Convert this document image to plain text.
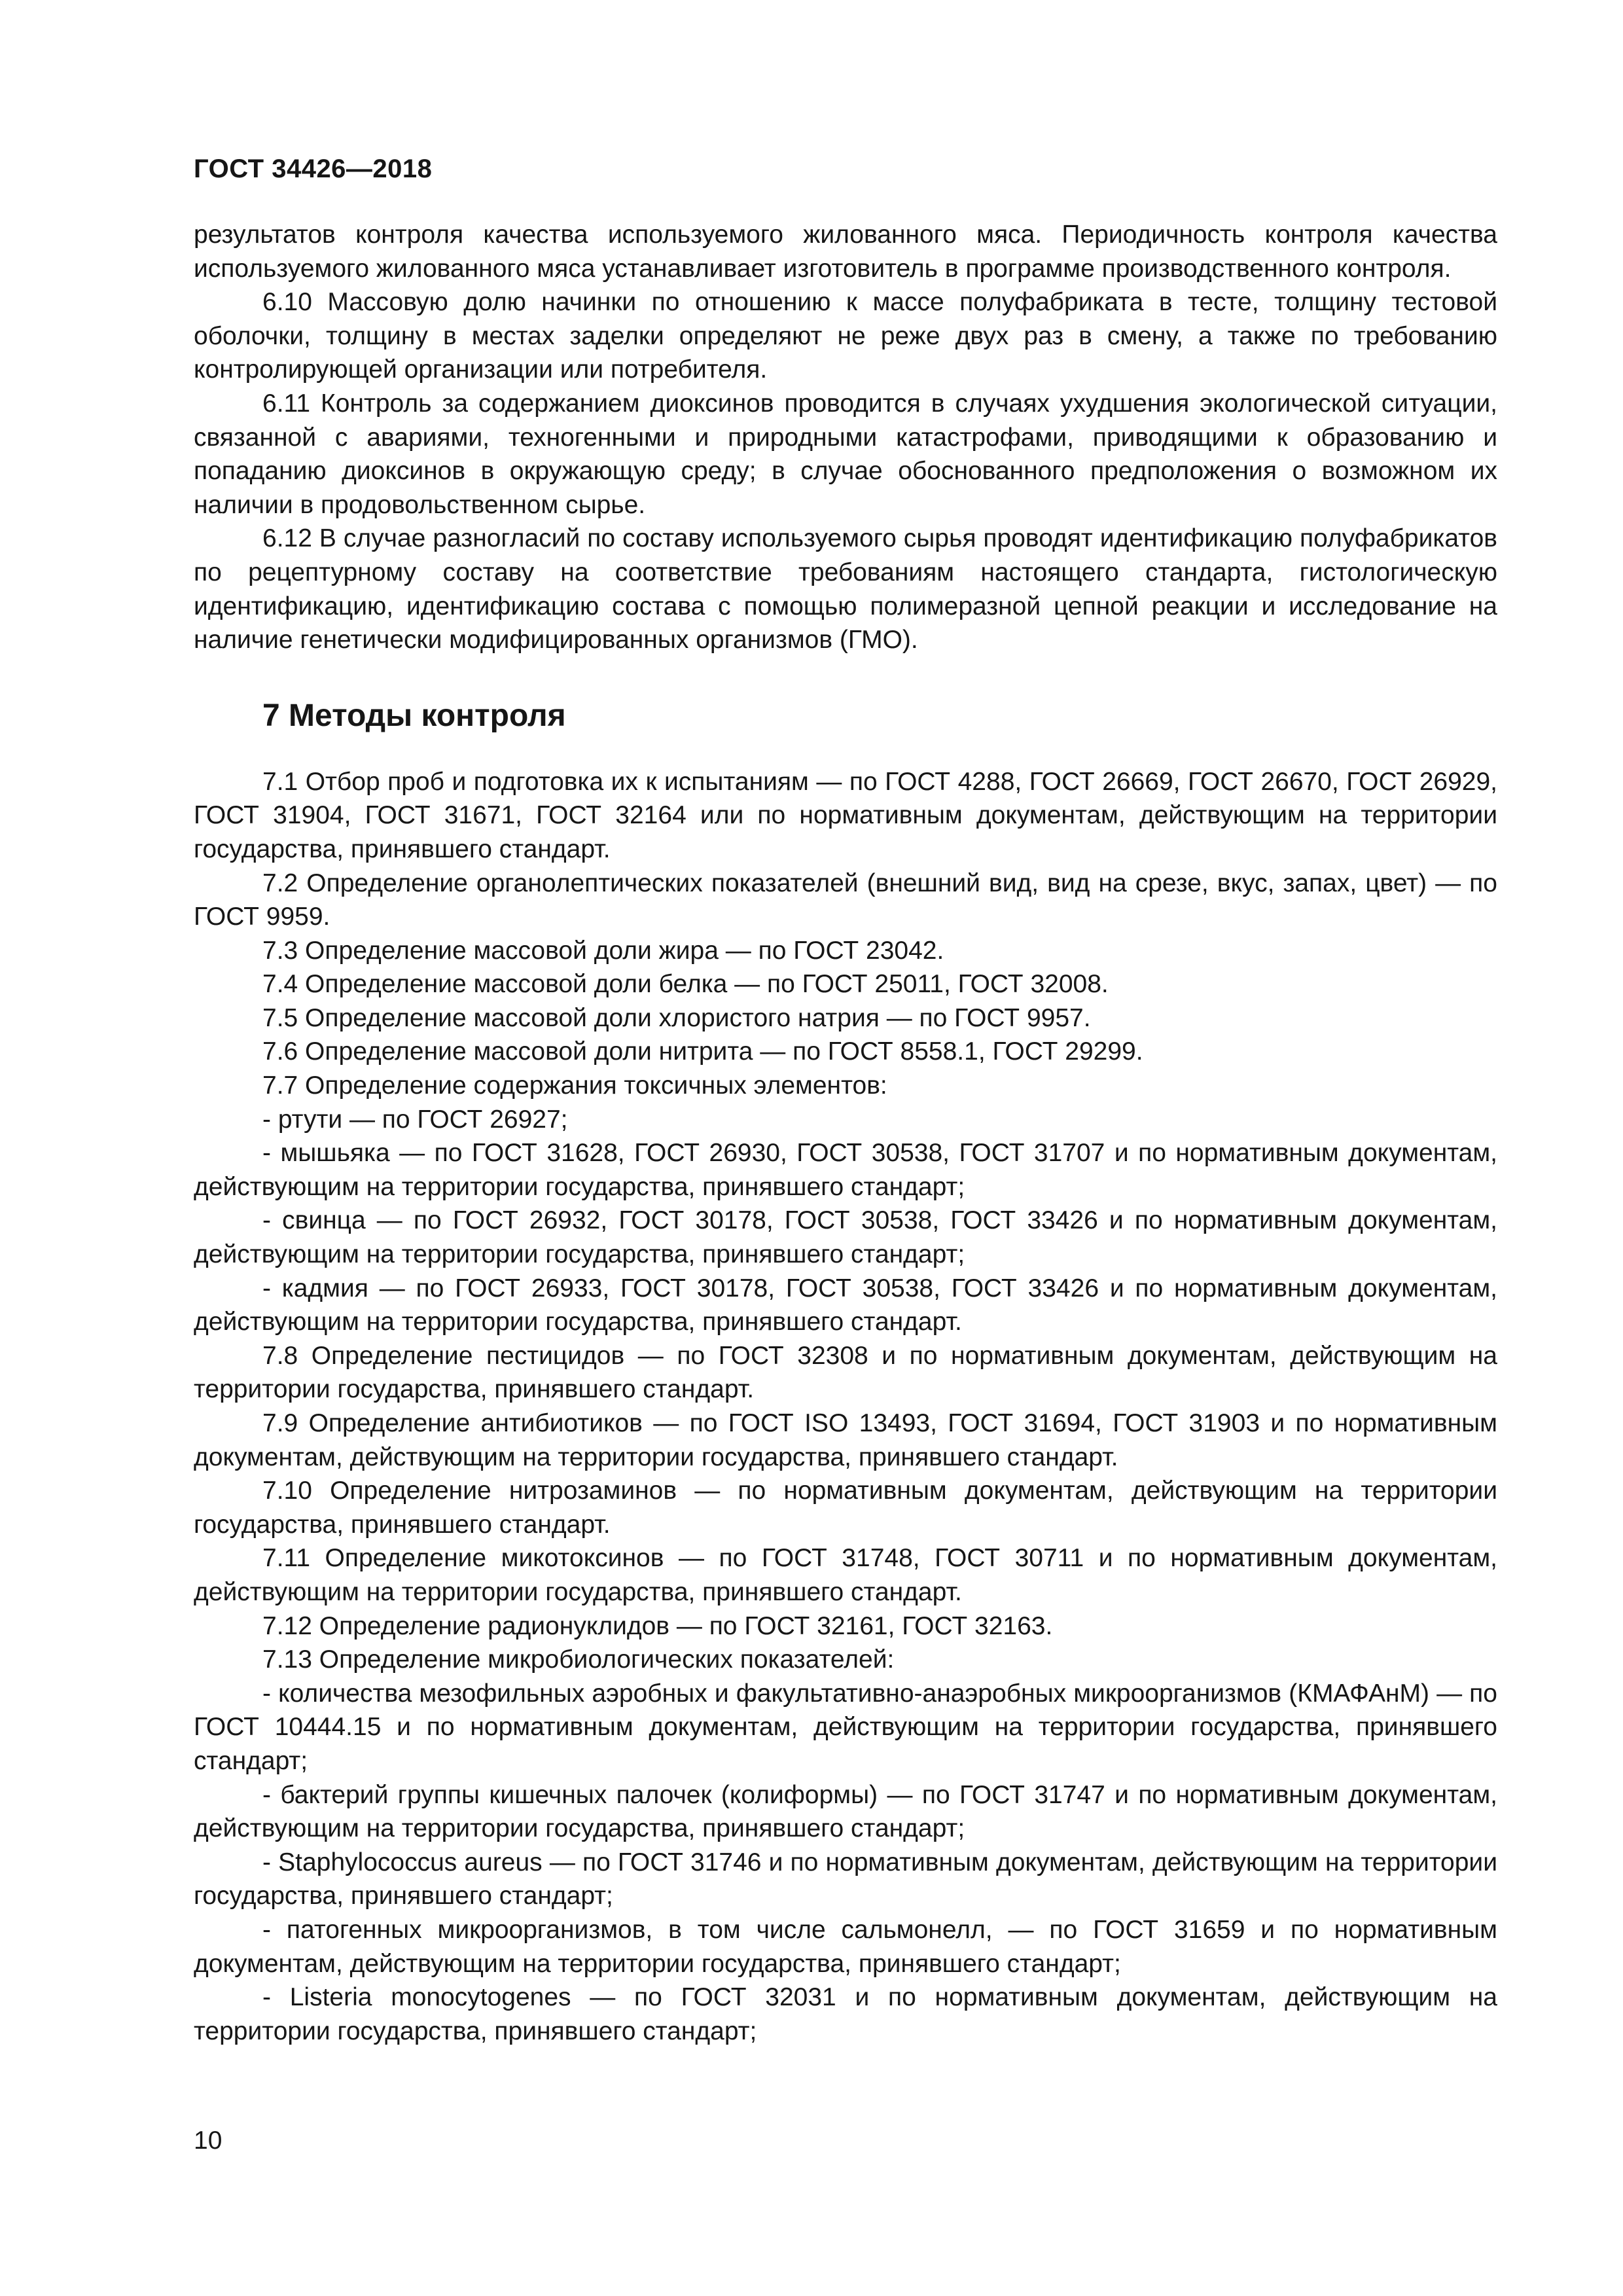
ГОСТ 34426—2018

результатов контроля качества используемого жилованного мяса. Периодичность контроля качества используемого жилованного мяса устанавливает изготовитель в программе производственного контроля.

6.10 Массовую долю начинки по отношению к массе полуфабриката в тесте, толщину тестовой оболочки, толщину в местах заделки определяют не реже двух раз в смену, а также по требованию контролирующей организации или потребителя.

6.11 Контроль за содержанием диоксинов проводится в случаях ухудшения экологической ситуации, связанной с авариями, техногенными и природными катастрофами, приводящими к образованию и попаданию диоксинов в окружающую среду; в случае обоснованного предположения о возможном их наличии в продовольственном сырье.

6.12 В случае разногласий по составу используемого сырья проводят идентификацию полуфабрикатов по рецептурному составу на соответствие требованиям настоящего стандарта, гистологическую идентификацию, идентификацию состава с помощью полимеразной цепной реакции и исследование на наличие генетически модифицированных организмов (ГМО).

7 Методы контроля

7.1 Отбор проб и подготовка их к испытаниям — по ГОСТ 4288, ГОСТ 26669, ГОСТ 26670, ГОСТ 26929, ГОСТ 31904, ГОСТ 31671, ГОСТ 32164 или по нормативным документам, действующим на территории государства, принявшего стандарт.

7.2 Определение органолептических показателей (внешний вид, вид на срезе, вкус, запах, цвет) — по ГОСТ 9959.

7.3 Определение массовой доли жира — по ГОСТ 23042.

7.4 Определение массовой доли белка — по ГОСТ 25011, ГОСТ 32008.

7.5 Определение массовой доли хлористого натрия — по ГОСТ 9957.

7.6 Определение массовой доли нитрита — по ГОСТ 8558.1, ГОСТ 29299.

7.7 Определение содержания токсичных элементов:

- ртути — по ГОСТ 26927;

- мышьяка — по ГОСТ 31628, ГОСТ 26930, ГОСТ 30538, ГОСТ 31707 и по нормативным документам, действующим на территории государства, принявшего стандарт;

- свинца — по ГОСТ 26932, ГОСТ 30178, ГОСТ 30538, ГОСТ 33426 и по нормативным документам, действующим на территории государства, принявшего стандарт;

- кадмия — по ГОСТ 26933, ГОСТ 30178, ГОСТ 30538, ГОСТ 33426 и по нормативным документам, действующим на территории государства, принявшего стандарт.

7.8 Определение пестицидов — по ГОСТ 32308 и по нормативным документам, действующим на территории государства, принявшего стандарт.

7.9 Определение антибиотиков — по ГОСТ ISO 13493, ГОСТ 31694, ГОСТ 31903 и по нормативным документам, действующим на территории государства, принявшего стандарт.

7.10 Определение нитрозаминов — по нормативным документам, действующим на территории государства, принявшего стандарт.

7.11 Определение микотоксинов — по ГОСТ 31748, ГОСТ 30711 и по нормативным документам, действующим на территории государства, принявшего стандарт.

7.12 Определение радионуклидов — по ГОСТ 32161, ГОСТ 32163.

7.13 Определение микробиологических показателей:

- количества мезофильных аэробных и факультативно-анаэробных микроорганизмов (КМАФАнМ) — по ГОСТ 10444.15 и по нормативным документам, действующим на территории государства, принявшего стандарт;

- бактерий группы кишечных палочек (колиформы) — по ГОСТ 31747 и по нормативным документам, действующим на территории государства, принявшего стандарт;

- Staphylococcus aureus — по ГОСТ 31746 и по нормативным документам, действующим на территории государства, принявшего стандарт;

- патогенных микроорганизмов, в том числе сальмонелл, — по ГОСТ 31659 и по нормативным документам, действующим на территории государства, принявшего стандарт;

- Listeria monocytogenes — по ГОСТ 32031 и по нормативным документам, действующим на территории государства, принявшего стандарт;

10
